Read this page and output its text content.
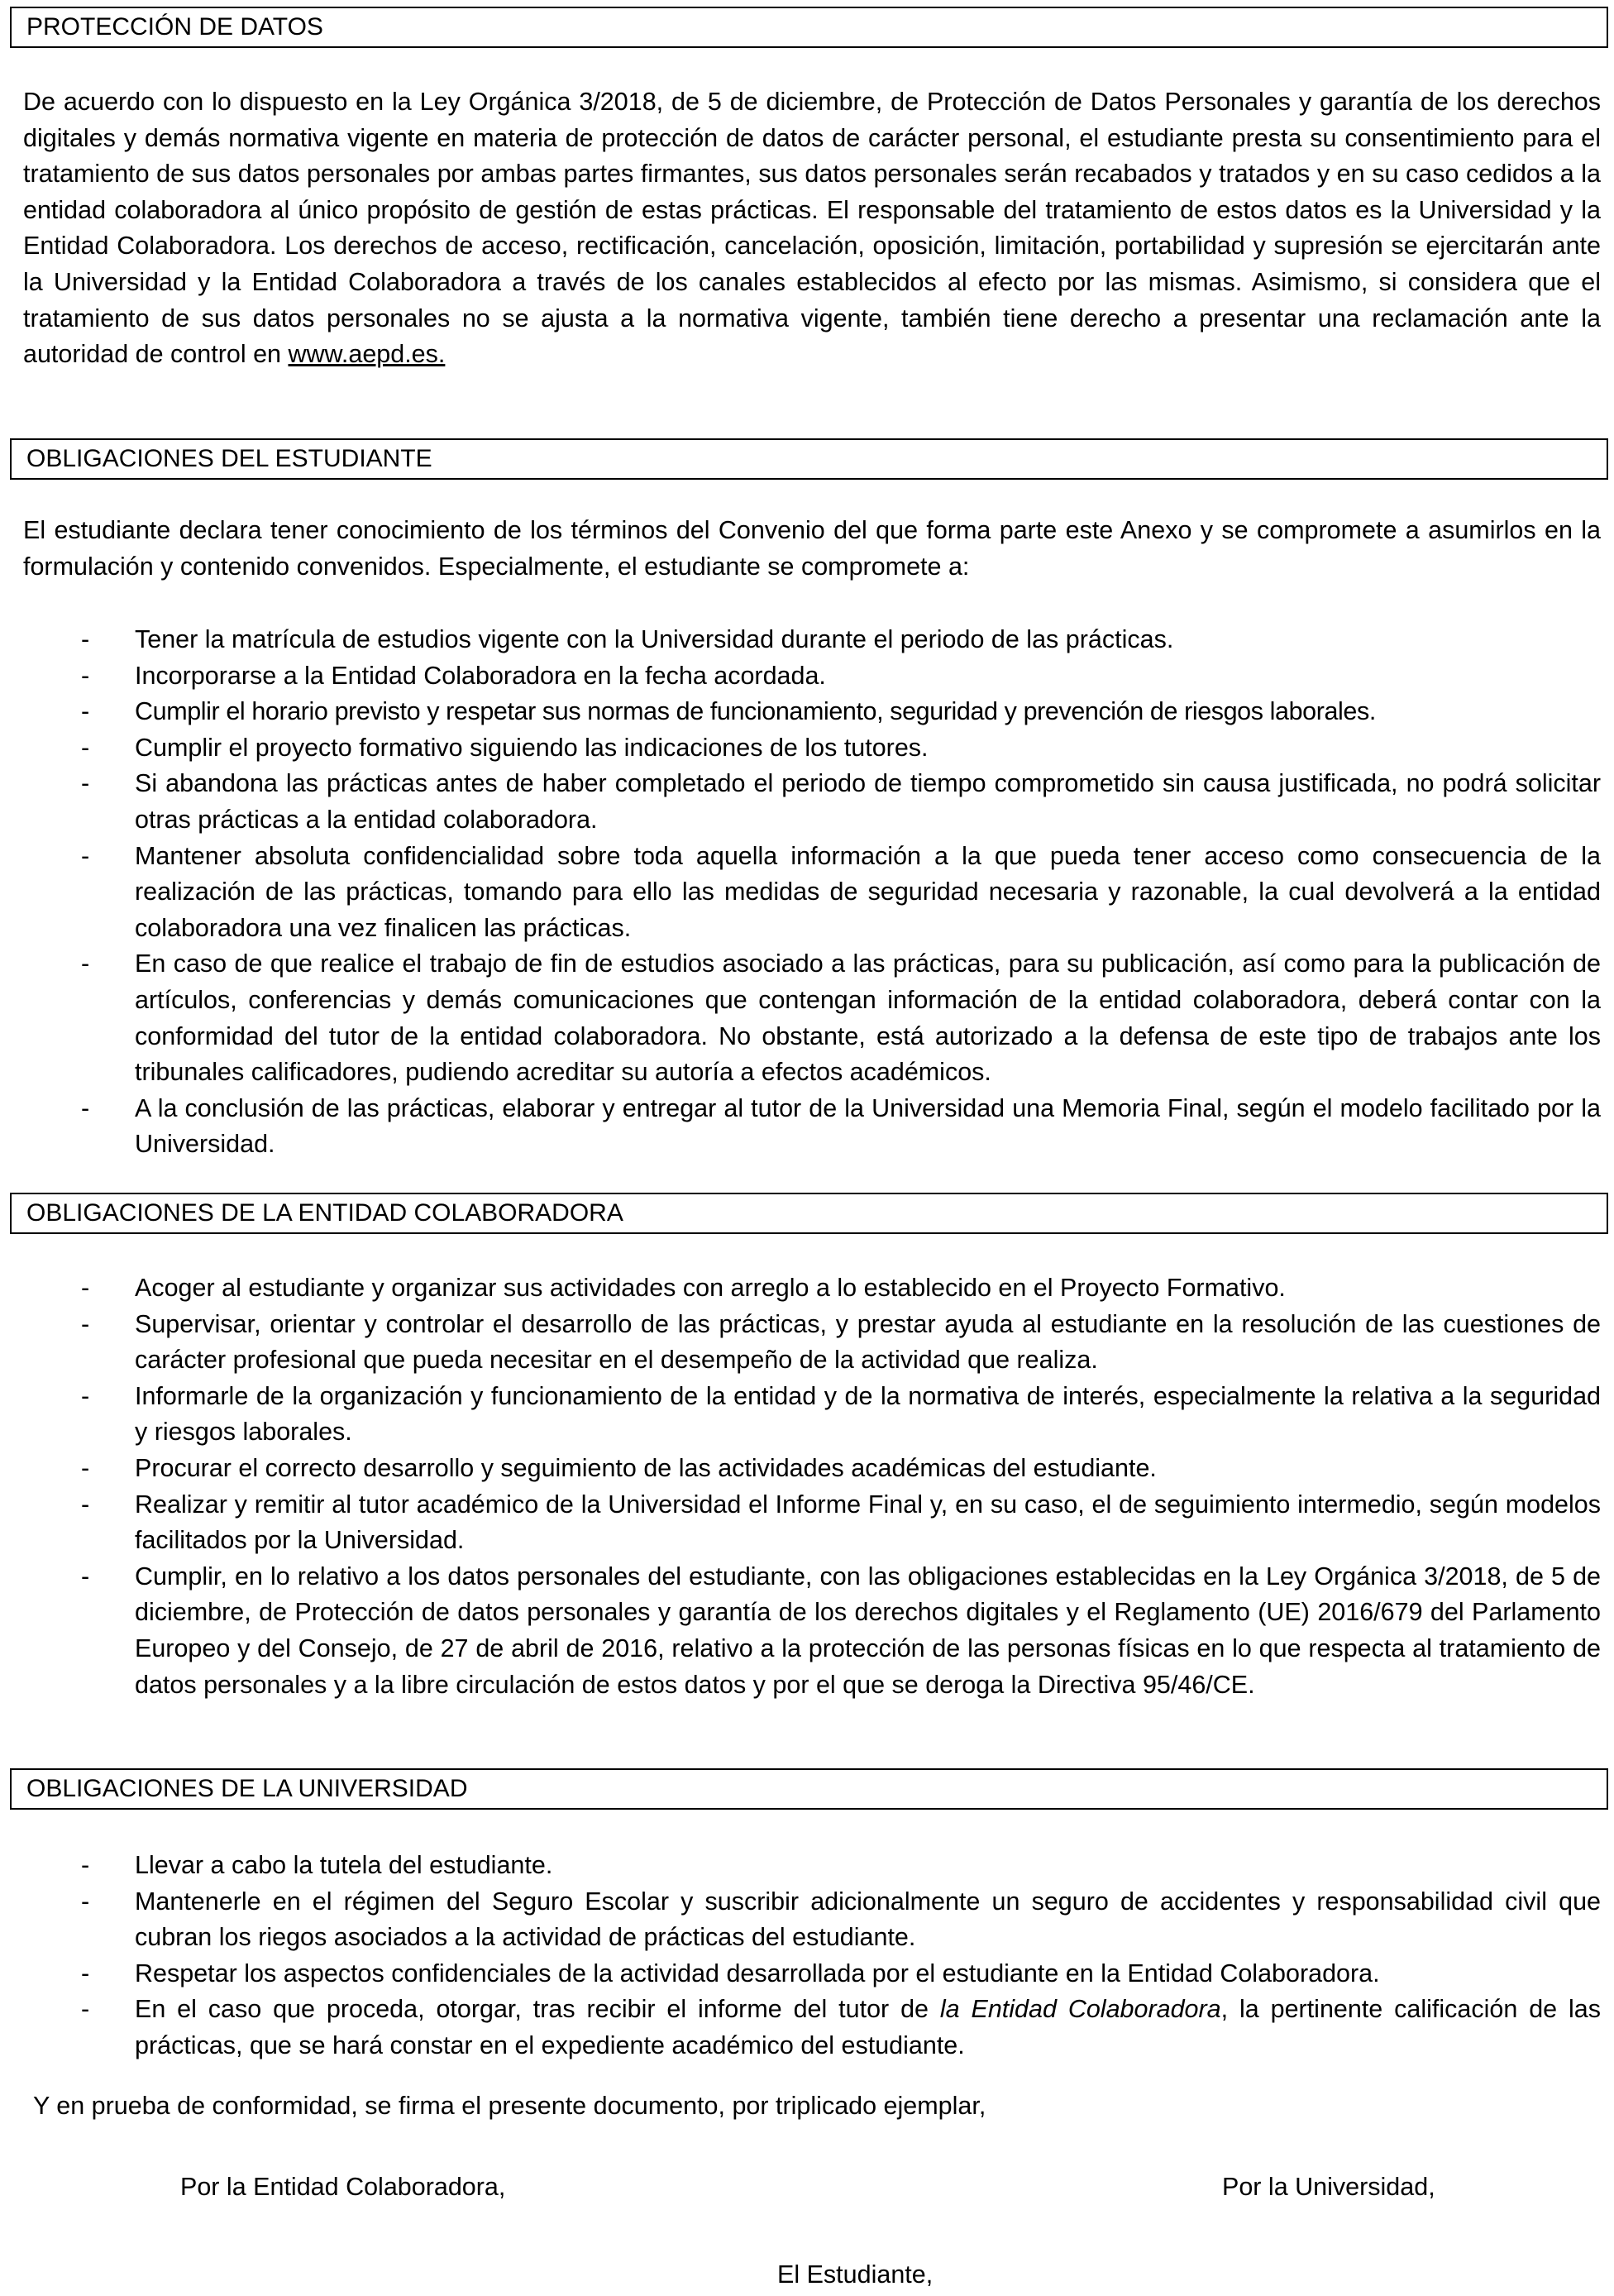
PROTECCIÓN DE DATOS

De acuerdo con lo dispuesto en la Ley Orgánica 3/2018, de 5 de diciembre, de Protección de Datos Personales y garantía de los derechos digitales y demás normativa vigente en materia de protección de datos de carácter personal, el estudiante presta su consentimiento para el tratamiento de sus datos personales por ambas partes firmantes, sus datos personales serán recabados y tratados y en su caso cedidos a la entidad colaboradora al único propósito de gestión de estas prácticas. El responsable del tratamiento de estos datos es la Universidad y la Entidad Colaboradora. Los derechos de acceso, rectificación, cancelación, oposición, limitación, portabilidad y supresión se ejercitarán ante la Universidad y la Entidad Colaboradora a través de los canales establecidos al efecto por las mismas. Asimismo, si considera que el tratamiento de sus datos personales no se ajusta a la normativa vigente, también tiene derecho a presentar una reclamación ante la autoridad de control en www.aepd.es.

OBLIGACIONES DEL ESTUDIANTE

El estudiante declara tener conocimiento de los términos del Convenio del que forma parte este Anexo y se compromete a asumirlos en la formulación y contenido convenidos. Especialmente, el estudiante se compromete a:

- Tener la matrícula de estudios vigente con la Universidad durante el periodo de las prácticas.
- Incorporarse a la Entidad Colaboradora en la fecha acordada.
- Cumplir el horario previsto y respetar sus normas de funcionamiento, seguridad y prevención de riesgos laborales.
- Cumplir el proyecto formativo siguiendo las indicaciones de los tutores.
- Si abandona las prácticas antes de haber completado el periodo de tiempo comprometido sin causa justificada, no podrá solicitar otras prácticas a la entidad colaboradora.
- Mantener absoluta confidencialidad sobre toda aquella información a la que pueda tener acceso como consecuencia de la realización de las prácticas, tomando para ello las medidas de seguridad necesaria y razonable, la cual devolverá a la entidad colaboradora una vez finalicen las prácticas.
- En caso de que realice el trabajo de fin de estudios asociado a las prácticas, para su publicación, así como para la publicación de artículos, conferencias y demás comunicaciones que contengan información de la entidad colaboradora, deberá contar con la conformidad del tutor de la entidad colaboradora. No obstante, está autorizado a la defensa de este tipo de trabajos ante los tribunales calificadores, pudiendo acreditar su autoría a efectos académicos.
- A la conclusión de las prácticas, elaborar y entregar al tutor de la Universidad una Memoria Final, según el modelo facilitado por la Universidad.
OBLIGACIONES DE LA ENTIDAD COLABORADORA
- Acoger al estudiante y organizar sus actividades con arreglo a lo establecido en el Proyecto Formativo.
- Supervisar, orientar y controlar el desarrollo de las prácticas, y prestar ayuda al estudiante en la resolución de las cuestiones de carácter profesional que pueda necesitar en el desempeño de la actividad que realiza.
- Informarle de la organización y funcionamiento de la entidad y de la normativa de interés, especialmente la relativa a la seguridad y riesgos laborales.
- Procurar el correcto desarrollo y seguimiento de las actividades académicas del estudiante.
- Realizar y remitir al tutor académico de la Universidad el Informe Final y, en su caso, el de seguimiento intermedio, según modelos facilitados por la Universidad.
- Cumplir, en lo relativo a los datos personales del estudiante, con las obligaciones establecidas en la Ley Orgánica 3/2018, de 5 de diciembre, de Protección de datos personales y garantía de los derechos digitales y el Reglamento (UE) 2016/679 del Parlamento Europeo y del Consejo, de 27 de abril de 2016, relativo a la protección de las personas físicas en lo que respecta al tratamiento de datos personales y a la libre circulación de estos datos y por el que se deroga la Directiva 95/46/CE.
OBLIGACIONES DE LA UNIVERSIDAD
- Llevar a cabo la tutela del estudiante.
- Mantenerle en el régimen del Seguro Escolar y suscribir adicionalmente un seguro de accidentes y responsabilidad civil que cubran los riegos asociados a la actividad de prácticas del estudiante.
- Respetar los aspectos confidenciales de la actividad desarrollada por el estudiante en la Entidad Colaboradora.
- En el caso que proceda, otorgar, tras recibir el informe del tutor de la Entidad Colaboradora, la pertinente calificación de las prácticas, que se hará constar en el expediente académico del estudiante.
Y en prueba de conformidad, se firma el presente documento, por triplicado ejemplar,
Por la Entidad Colaboradora,	Por la Universidad,
El Estudiante,
